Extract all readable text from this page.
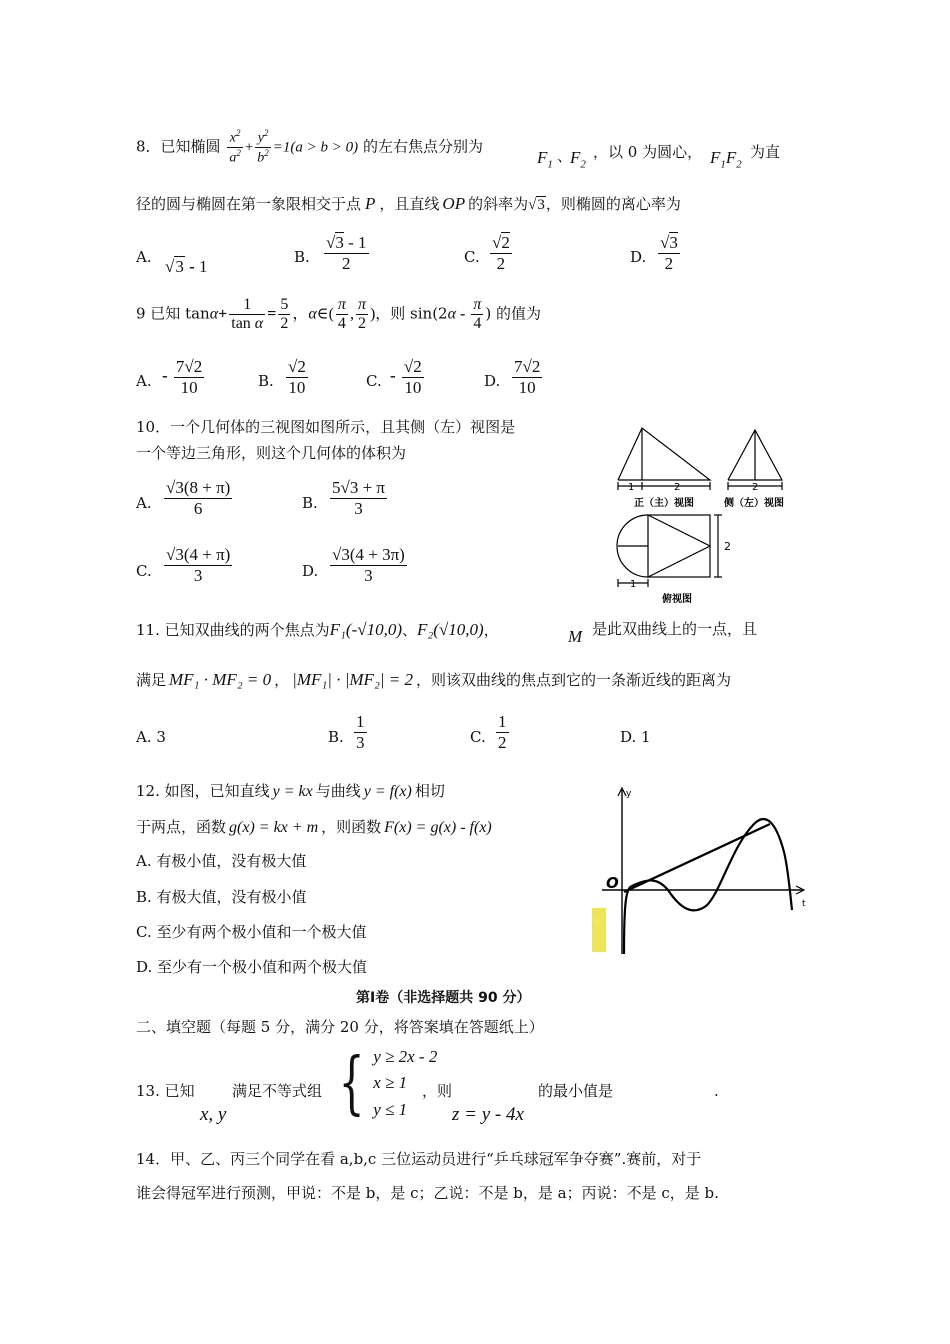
8．已知椭圆 $\frac{x^2}{a^2} + \frac{y^2}{b^2} =1(a > b > 0)$ 的左右焦点分别为
$F_1$ 、
$F_2$
，以 0 为圆心， $F_1F_2$
为直
径的圆与椭圆在第一象限相交于点 P ，且直线 OP 的斜率为√3，则椭圆的离心率为
A. √3 - 1	B. $\frac{√3 - 1}{2}$	C. $\frac{√2}{2}$	D. $\frac{√3}{2}$
9 已知 $\tan\alpha+ \frac{1}{\text{tan α}} = \frac{5}{2}$ ，α∈( $\frac{\pi}{4}$ , $\frac{\pi}{2}$ )，则 $\sin(2\alpha - \frac{\pi}{4}$ ) 的值为
A. - $\frac{7√2}{10}$	B. $\frac{√2}{10}$	C. - $\frac{√2}{10}$	D. $\frac{7√2}{10}$
10．一个几何体的三视图如图所示，且其侧（左）视图是
一个等边三角形，则这个几何体的体积为
A. $\frac{√3(8 + \pi)}{6}$	B. $\frac{5√3 + \pi}{3}$
C. $\frac{√3(4 + \pi)}{3}$	D. $\frac{√3(4 + 3\pi)}{3}$
1	2
正（主）视图
2
侧（左）视图
2
1
俯视图
11. 已知双曲线的两个焦点为F₁(-√10,0)、F₂(√10,0)，	M 是此双曲线上的一点，且
满足 MF₁ · MF₂ = 0 ， |MF₁| · |MF₂| = 2 ，则该双曲线的焦点到它的一条渐近线的距离为
A. 3	B. $\frac{1}{3}$	C. $\frac{1}{2}$	D. 1
12. 如图，已知直线 y = kx 与曲线 y = f(x) 相切
于两点，函数 g(x) = kx + m ，则函数 F(x) = g(x) - f(x)
A. 有极小值，没有极大值
B. 有极大值，没有极小值
C. 至少有两个极小值和一个极大值
D. 至少有一个极小值和两个极大值
O
y
t
第Ⅰ卷（非选择题共 90 分）
二、填空题（每题 5 分，满分 20 分，将答案填在答题纸上）
13. 已知
x, y
满足不等式组 { y ≥ 2x - 2
x ≥ 1
y ≤ 1
，则
z = y - 4x
的最小值是	.
14．甲、乙、丙三个同学在看 a,b,c 三位运动员进行“乒乓球冠军争夺赛”.赛前，对于
谁会得冠军进行预测，甲说：不是 b，是 c；乙说：不是 b，是 a；丙说：不是 c，是 b.
